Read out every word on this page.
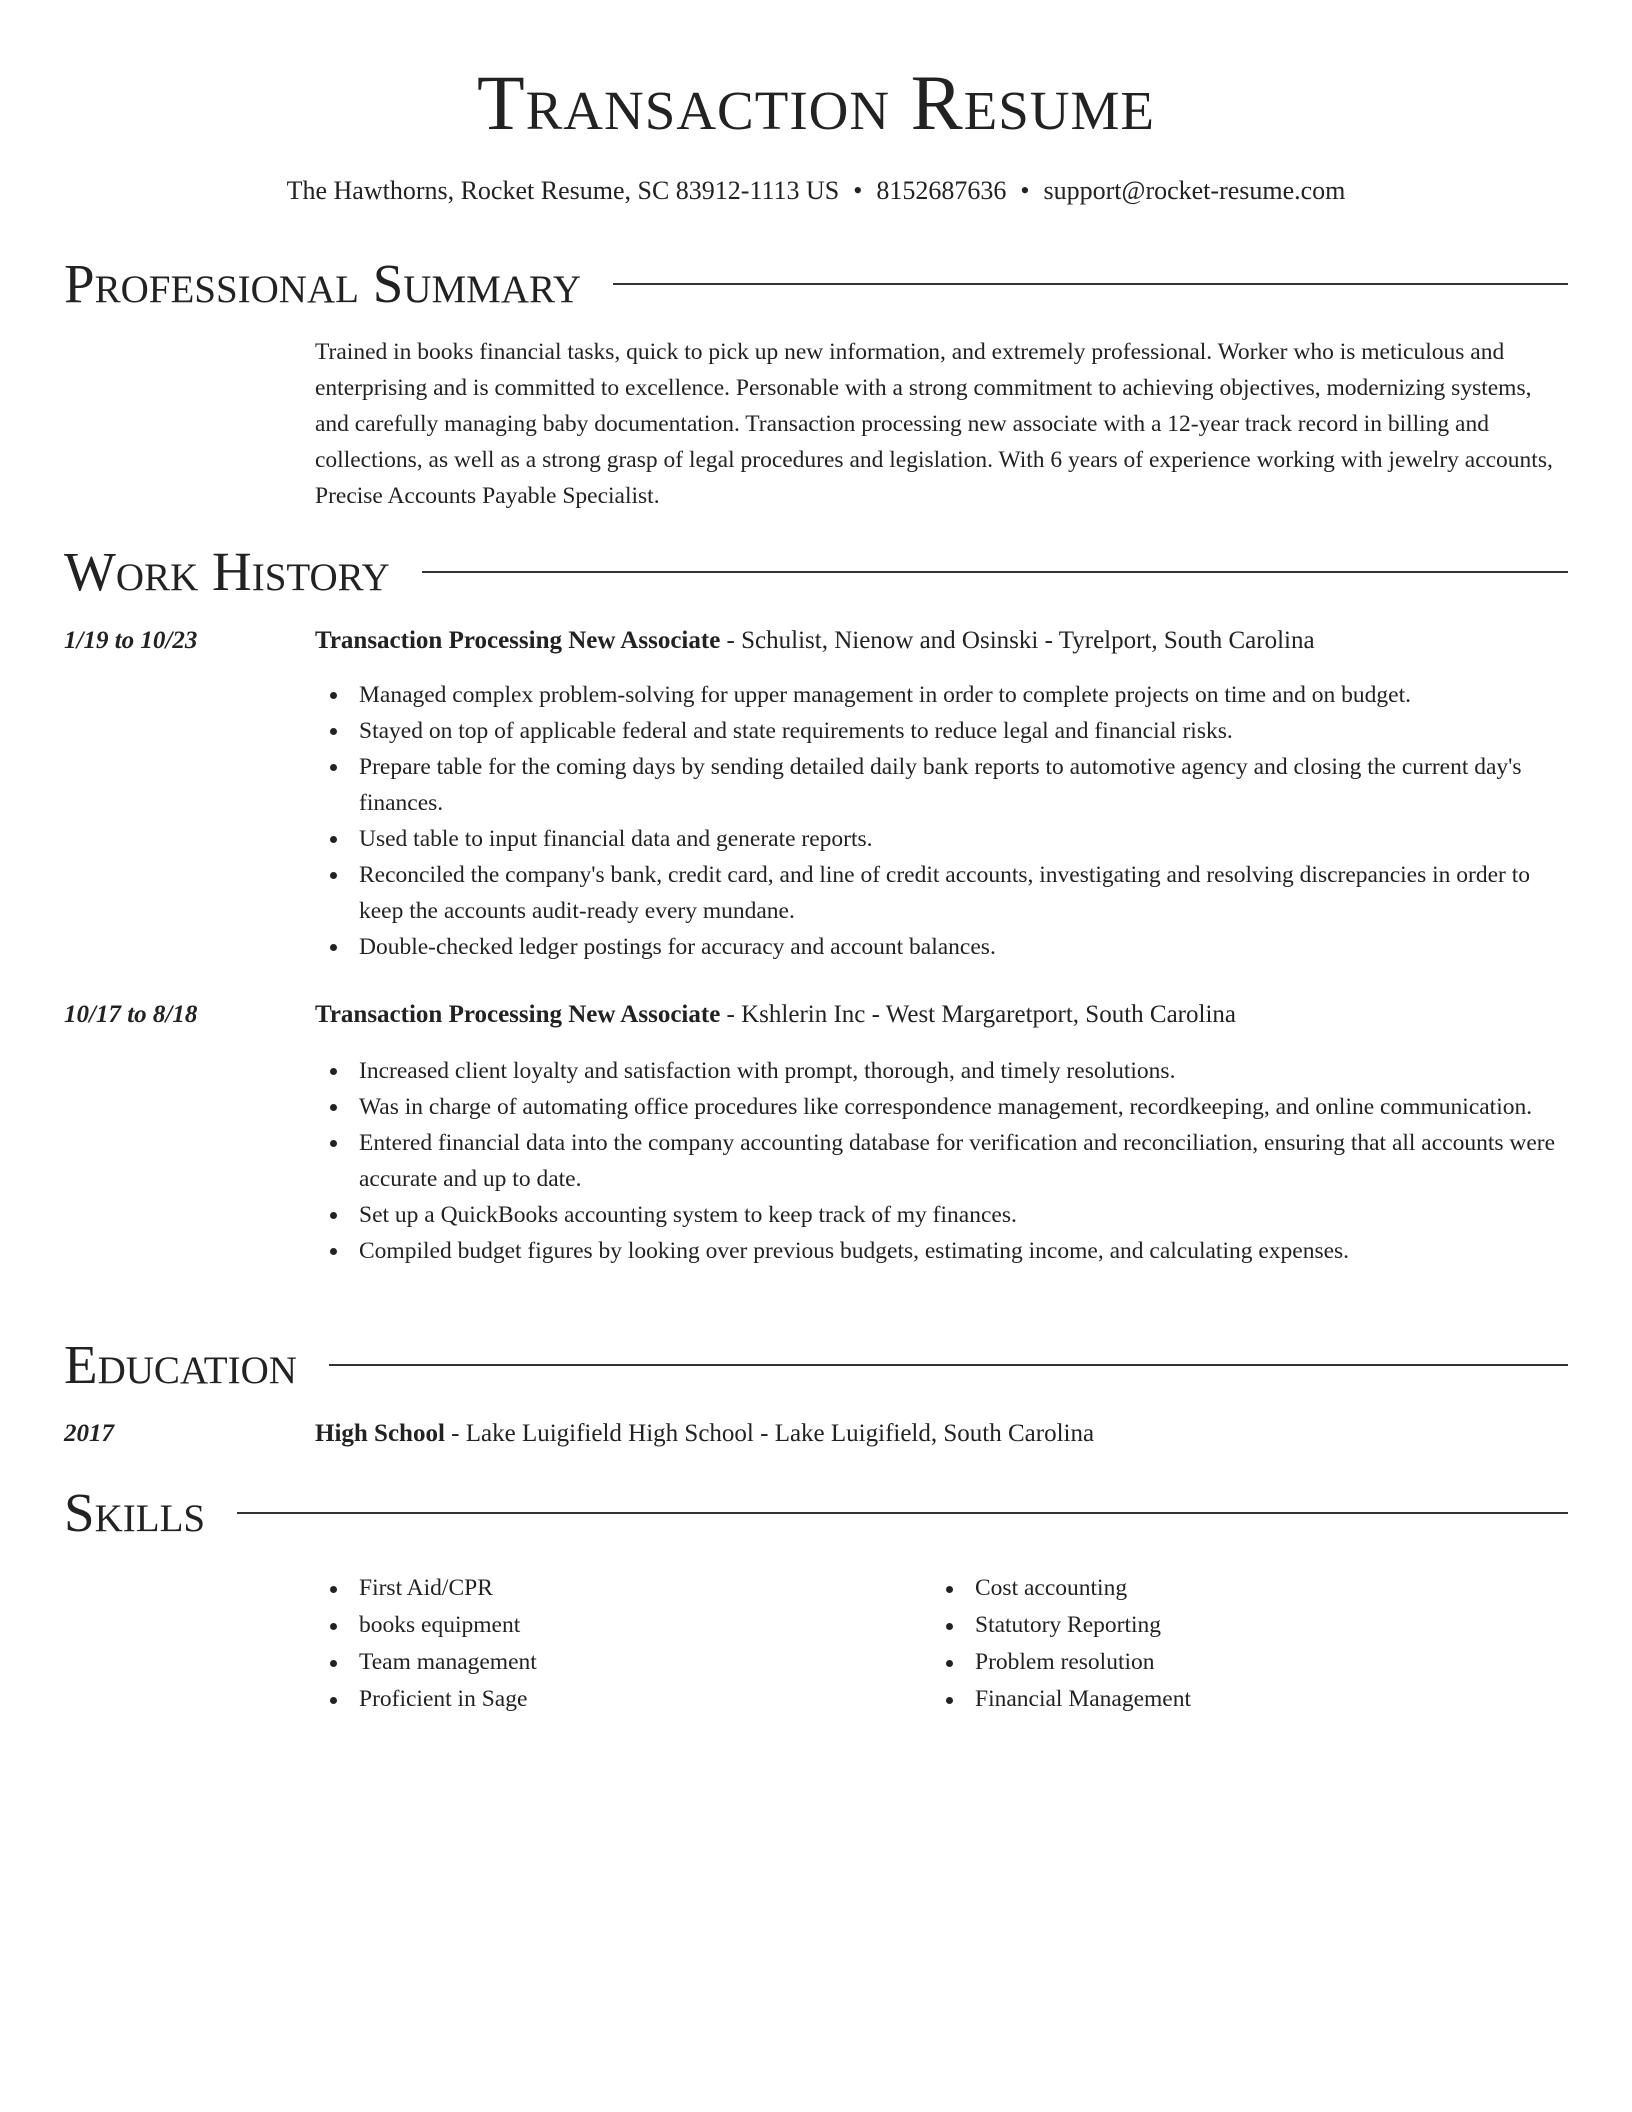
Transaction Resume
The Hawthorns, Rocket Resume, SC 83912-1113 US • 8152687636 • support@rocket-resume.com
Professional Summary

Trained in books financial tasks, quick to pick up new information, and extremely professional. Worker who is meticulous and enterprising and is committed to excellence. Personable with a strong commitment to achieving objectives, modernizing systems, and carefully managing baby documentation. Transaction processing new associate with a 12-year track record in billing and collections, as well as a strong grasp of legal procedures and legislation. With 6 years of experience working with jewelry accounts, Precise Accounts Payable Specialist.

Work History
1/19 to 10/23	Transaction Processing New Associate - Schulist, Nienow and Osinski - Tyrelport, South Carolina
Managed complex problem-solving for upper management in order to complete projects on time and on budget.
Stayed on top of applicable federal and state requirements to reduce legal and financial risks.
Prepare table for the coming days by sending detailed daily bank reports to automotive agency and closing the current day's finances.
Used table to input financial data and generate reports.
Reconciled the company's bank, credit card, and line of credit accounts, investigating and resolving discrepancies in order to keep the accounts audit-ready every mundane.
Double-checked ledger postings for accuracy and account balances.
10/17 to 8/18	Transaction Processing New Associate - Kshlerin Inc - West Margaretport, South Carolina
Increased client loyalty and satisfaction with prompt, thorough, and timely resolutions.
Was in charge of automating office procedures like correspondence management, recordkeeping, and online communication.
Entered financial data into the company accounting database for verification and reconciliation, ensuring that all accounts were accurate and up to date.
Set up a QuickBooks accounting system to keep track of my finances.
Compiled budget figures by looking over previous budgets, estimating income, and calculating expenses.
Education
2017	High School - Lake Luigifield High School - Lake Luigifield, South Carolina
Skills
First Aid/CPR
books equipment
Team management
Proficient in Sage
Cost accounting
Statutory Reporting
Problem resolution
Financial Management
